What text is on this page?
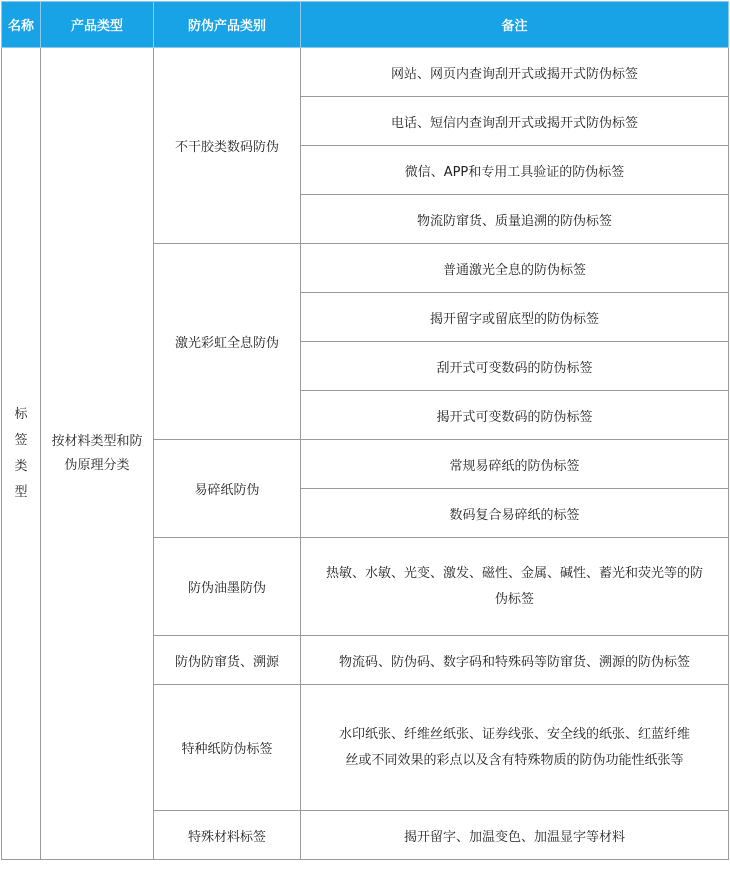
名称	产品类型	防伪产品类别	备注
标签类型	按材料类型和防伪原理分类	不干胶类数码防伪	网站、网页内查询刮开式或揭开式防伪标签
			电话、短信内查询刮开式或揭开式防伪标签
			微信、APP和专用工具验证的防伪标签
			物流防窜货、质量追溯的防伪标签
		激光彩虹全息防伪	普通激光全息的防伪标签
			揭开留字或留底型的防伪标签
			刮开式可变数码的防伪标签
			揭开式可变数码的防伪标签
		易碎纸防伪	常规易碎纸的防伪标签
			数码复合易碎纸的标签
		防伪油墨防伪	热敏、水敏、光变、激发、磁性、金属、碱性、蓄光和荧光等的防伪标签
		防伪防窜货、溯源	物流码、防伪码、数字码和特殊码等防窜货、溯源的防伪标签
		特种纸防伪标签	水印纸张、纤维丝纸张、证券线张、安全线的纸张、红蓝纤维丝或不同效果的彩点以及含有特殊物质的防伪功能性纸张等
		特殊材料标签	揭开留字、加温变色、加温显字等材料
